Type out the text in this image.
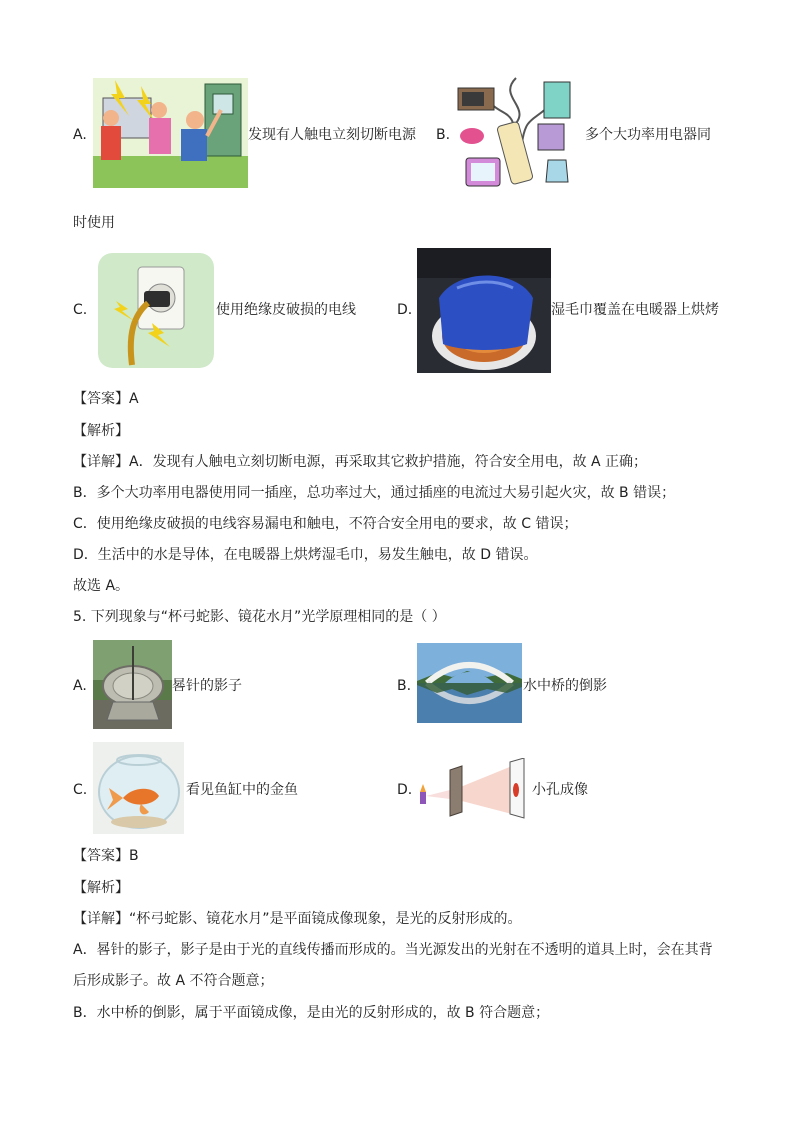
A.	发现有人触电立刻切断电源 B.	多个大功率用电器同
时使用
C.	使用绝缘皮破损的电线	D.	湿毛巾覆盖在电暖器上烘烤
【答案】A
【解析】
【详解】A．发现有人触电立刻切断电源，再采取其它救护措施，符合安全用电，故 A 正确；
B．多个大功率用电器使用同一插座，总功率过大，通过插座的电流过大易引起火灾，故 B 错误；
C．使用绝缘皮破损的电线容易漏电和触电，不符合安全用电的要求，故 C 错误；
D．生活中的水是导体，在电暖器上烘烤湿毛巾，易发生触电，故 D 错误。
故选 A。
5. 下列现象与“杯弓蛇影、镜花水月”光学原理相同的是（ ）
A.	晷针的影子	B.	水中桥的倒影
C.	看见鱼缸中的金鱼	D.	小孔成像
【答案】B
【解析】
【详解】“杯弓蛇影、镜花水月”是平面镜成像现象，是光的反射形成的。
A．晷针的影子，影子是由于光的直线传播而形成的。当光源发出的光射在不透明的道具上时，会在其背
后形成影子。故 A 不符合题意；
B．水中桥的倒影，属于平面镜成像，是由光的反射形成的，故 B 符合题意；
